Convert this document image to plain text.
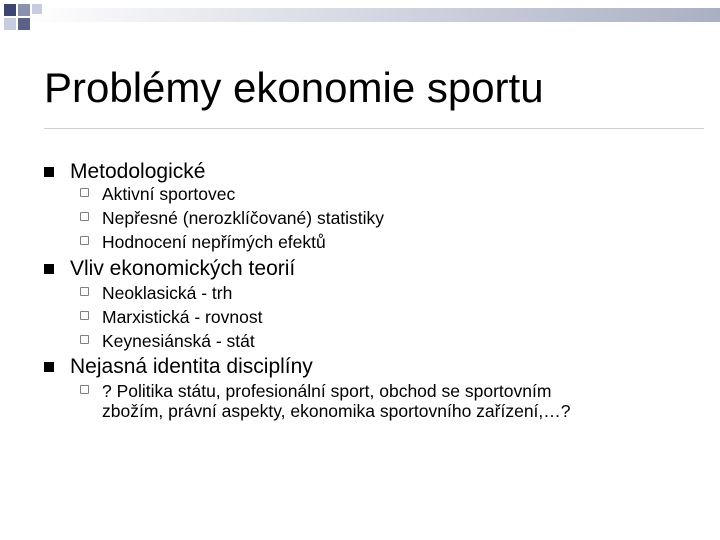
Problémy ekonomie sportu
Metodologické
Aktivní sportovec
Nepřesné (nerozklíčované) statistiky
Hodnocení nepřímých efektů
Vliv ekonomických teorií
Neoklasická - trh
Marxistická - rovnost
Keynesiánská - stát
Nejasná identita disciplíny
? Politika státu, profesionální sport, obchod se sportovním
zbožím, právní aspekty, ekonomika sportovního zařízení,…?
